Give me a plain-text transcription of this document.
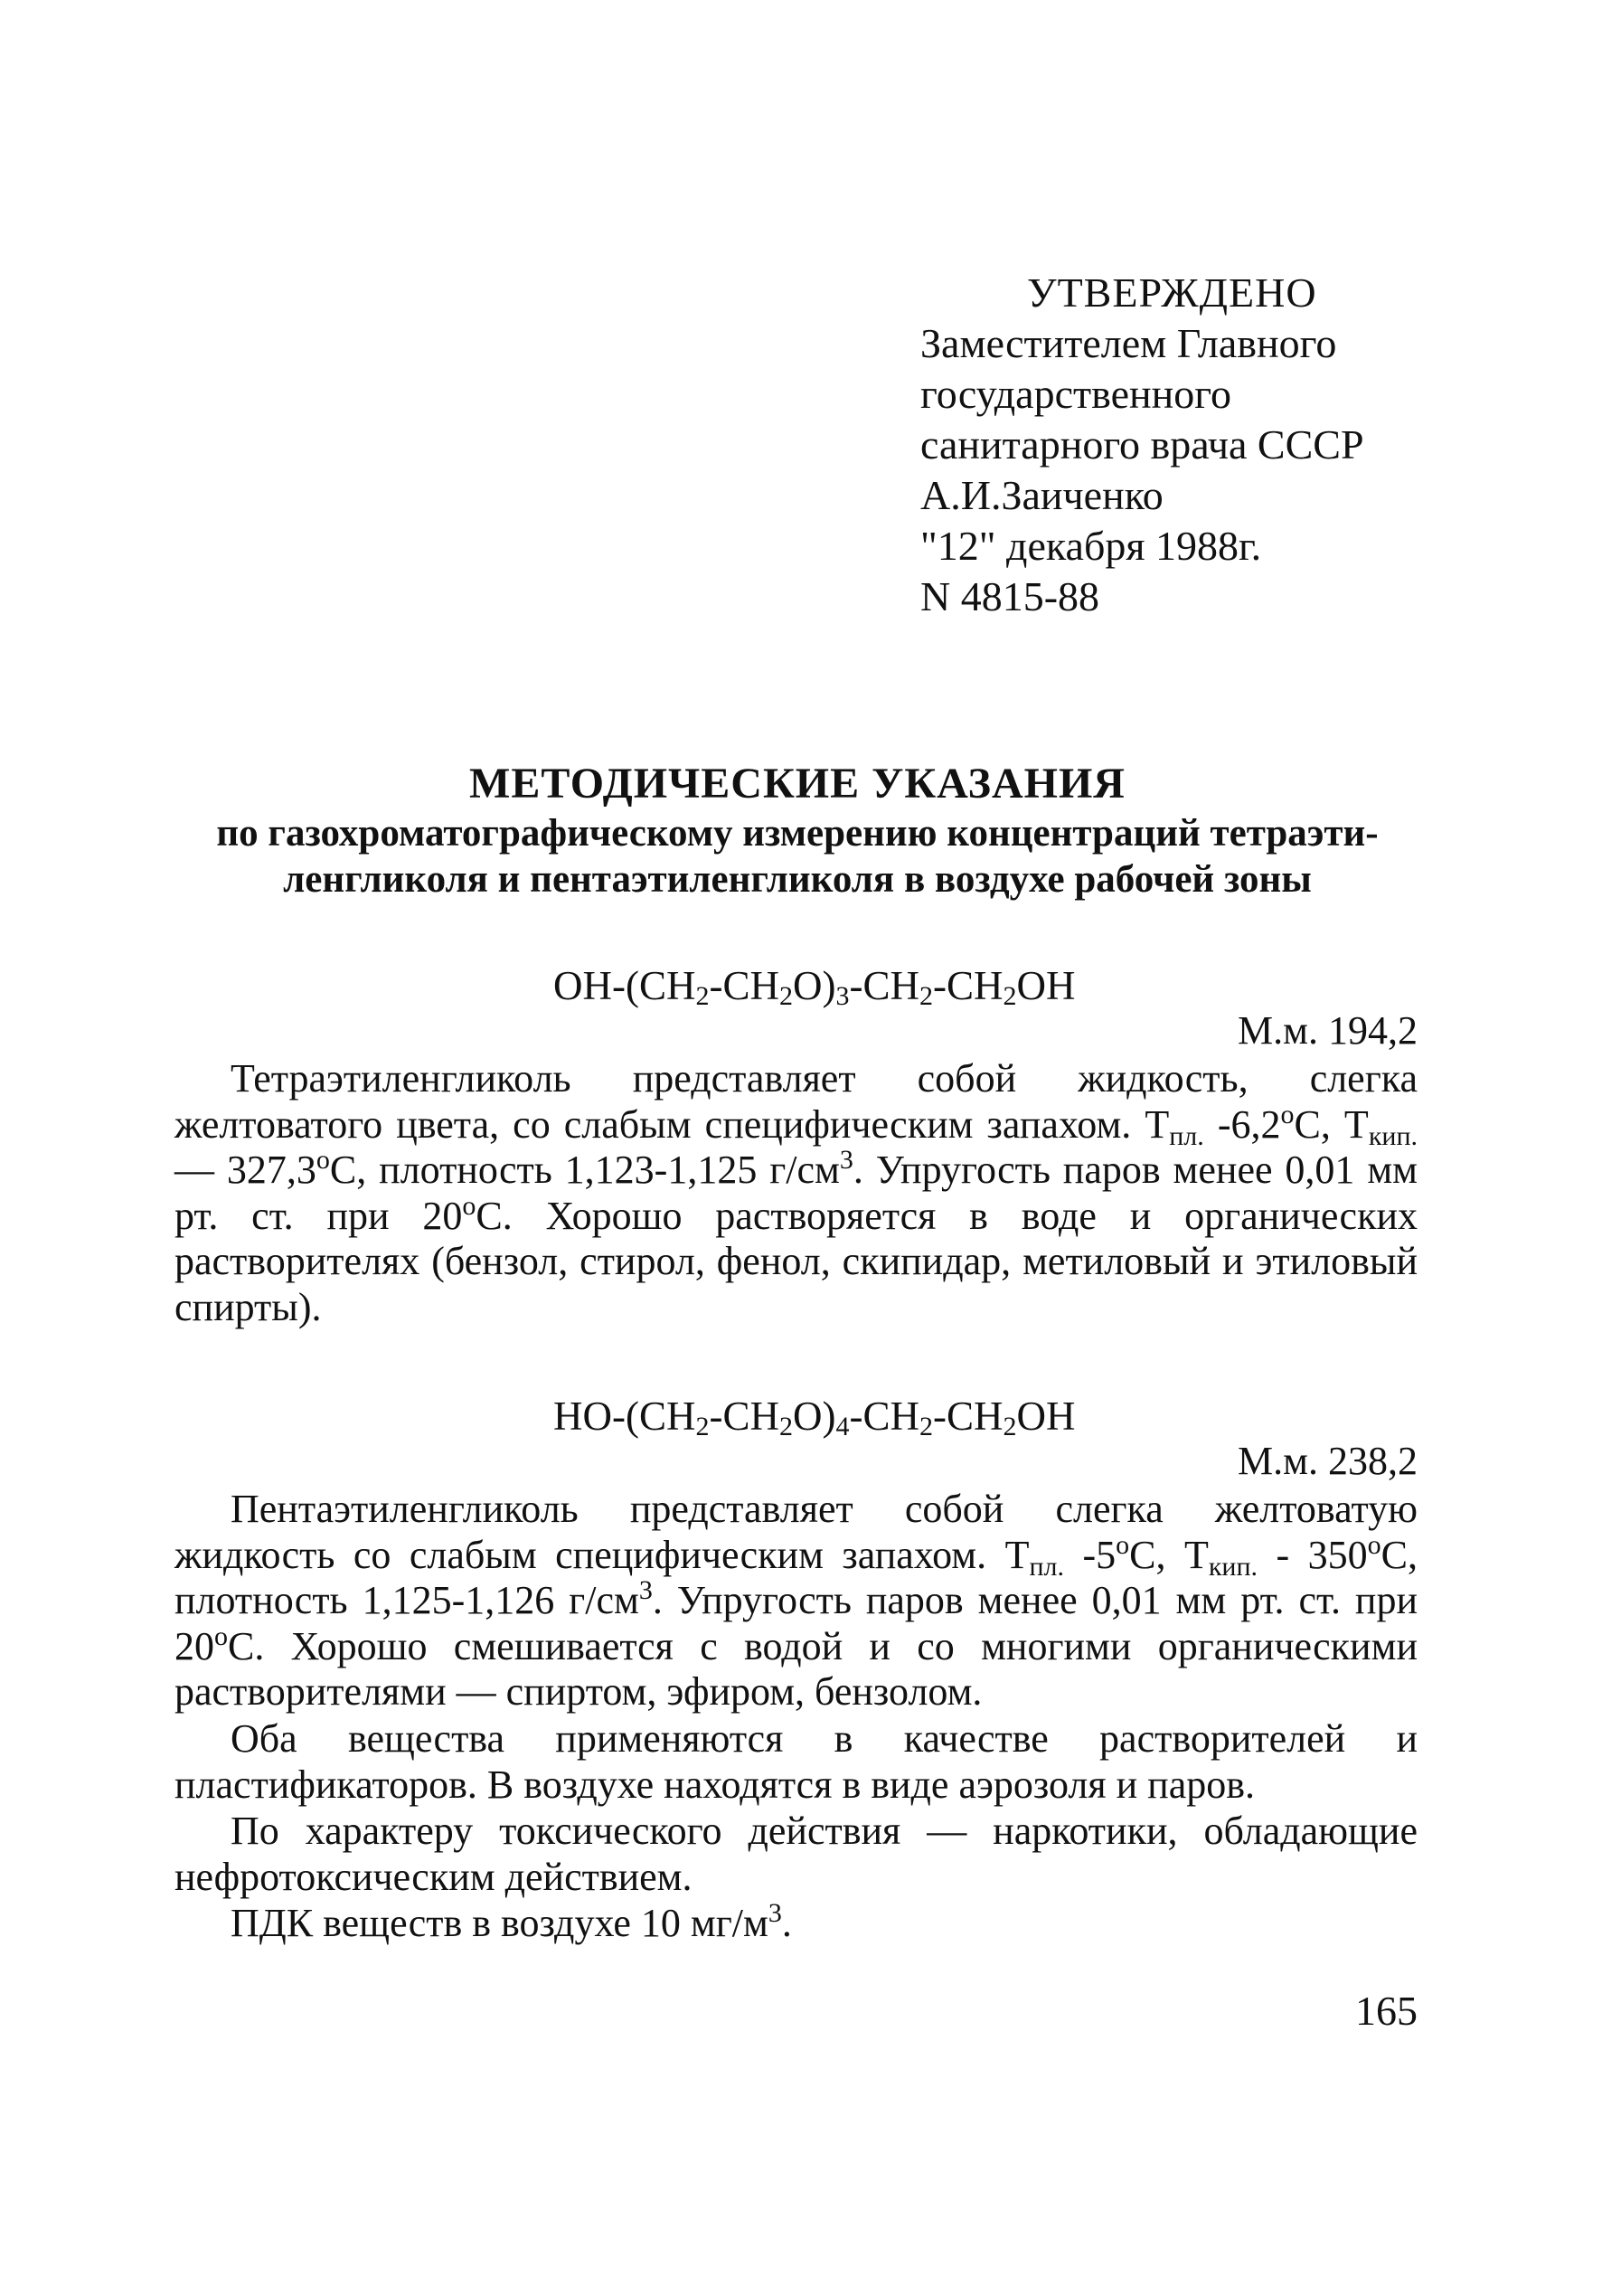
УТВЕРЖДЕНО
Заместителем Главного
государственного
санитарного врача СССР
А.И.Заиченко
"12" декабря 1988г.
N 4815-88
МЕТОДИЧЕСКИЕ УКАЗАНИЯ
по газохроматографическому измерению концентраций тетраэти-
ленгликоля и пентаэтиленгликоля в воздухе рабочей зоны
$OH-(CH_2-CH_2O)_3-CH_2-CH_2OH$
М.м. 194,2
Тетраэтиленгликоль представляет собой жидкость, слегка желтоватого цвета, со слабым специфическим запахом. $Т_{пл.}$ $-6,2^оС$, $Т_{кип.}$ — $327,3^оС$, плотность 1,123-1,125 $г/см^3$. Упругость паров менее 0,01 мм рт. ст. при $20^оС$. Хорошо растворяется в воде и органических растворителях (бензол, стирол, фенол, скипидар, метиловый и этиловый спирты).
$HO-(CH_2-CH_2O)_4-CH_2-CH_2OH$
М.м. 238,2
Пентаэтиленгликоль представляет собой слегка желтоватую жидкость со слабым специфическим запахом. $Т_{пл.}$ $-5^оС$, $Т_{кип.} - 350^оС$, плотность 1,125-1,126 $г/см^3$. Упругость паров менее 0,01 мм рт. ст. при $20^оС$. Хорошо смешивается с водой и со многими органическими растворителями — спиртом, эфиром, бензолом.
Оба вещества применяются в качестве растворителей и пластификаторов. В воздухе находятся в виде аэрозоля и паров.
По характеру токсического действия — наркотики, обладающие нефротоксическим действием.
ПДК веществ в воздухе 10 $мг/м^3$.
165
